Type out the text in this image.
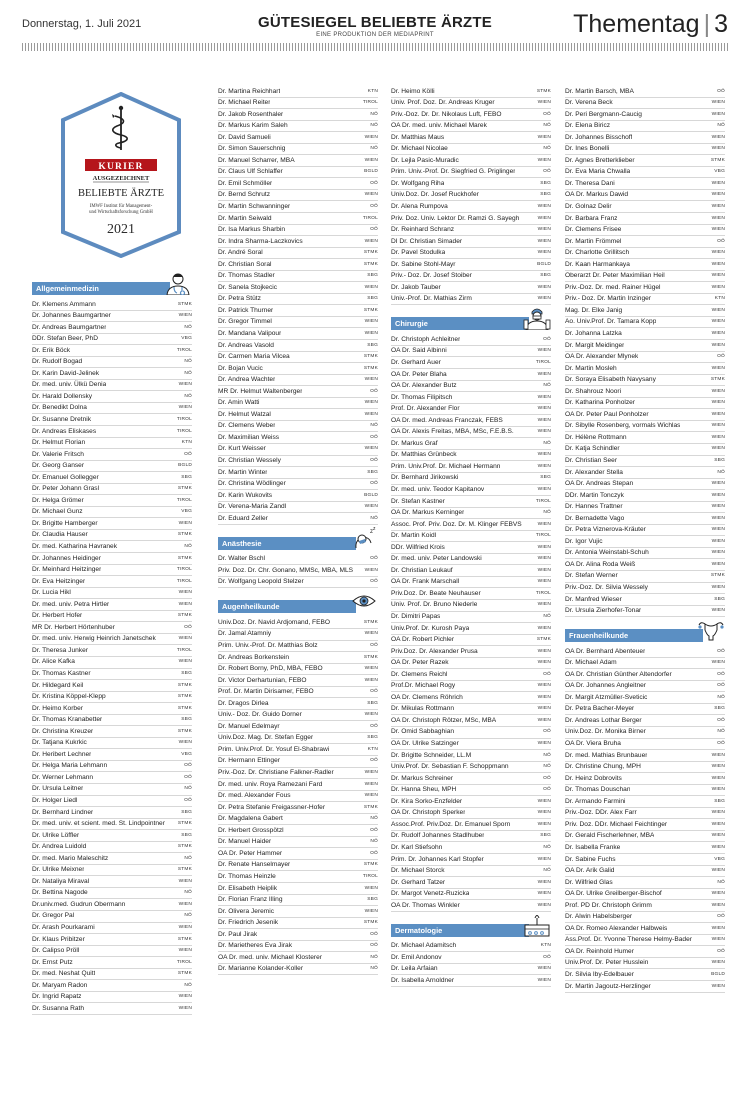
Donnerstag, 1. Juli 2021	GÜTESIEGEL BELIEBTE ÄRZTE
EINE PRODUKTION DER MEDIAPRINT	Thementag | 3
KURIER
AUSGEZEICHNET
BELIEBTE ÄRZTE
IMWF Institut für Management-
und Wirtschaftsforschung GmbH
2021
Allgemeinmedizin
Dr. Klemens Ammann	STMK
Dr. Johannes Baumgartner	WIEN
Dr. Andreas Baumgartner	NÖ
DDr. Stefan Beer, PhD	VBG
Dr. Erik Böck	TIROL
Dr. Rudolf Bogad	NÖ
Dr. Karin David-Jelinek	NÖ
Dr. med. univ. Ülkü Denia	WIEN
Dr. Harald Dollensky	NÖ
Dr. Benedikt Dolna	WIEN
Dr. Susanne Dretnik	TIROL
Dr. Andreas Eliskases	TIROL
Dr. Helmut Florian	KTN
Dr. Valerie Fritsch	OÖ
Dr. Georg Ganser	BGLD
Dr. Emanuel Gollegger	SBG
Dr. Peter Johann Grasl	STMK
Dr. Helga Grömer	TIROL
Dr. Michael Gunz	VBG
Dr. Brigitte Hamberger	WIEN
Dr. Claudia Hauser	STMK
Dr. med. Katharina Havranek	NÖ
Dr. Johannes Heidinger	STMK
Dr. Meinhard Heitzinger	TIROL
Dr. Eva Heitzinger	TIROL
Dr. Lucia Hikl	WIEN
Dr. med. univ. Petra Hirtler	WIEN
Dr. Herbert Hofer	STMK
MR Dr. Herbert Hörtenhuber	OÖ
Dr. med. univ. Herwig Heinrich Janetschek	WIEN
Dr. Theresa Junker	TIROL
Dr. Alice Kafka	WIEN
Dr. Thomas Kastner	SBG
Dr. Hildegard Keil	STMK
Dr. Kristina Köppel-Klepp	STMK
Dr. Heimo Korber	STMK
Dr. Thomas Kranabetter	SBG
Dr. Christina Kreuzer	STMK
Dr. Tatjana Kukrkic	WIEN
Dr. Heribert Lechner	VBG
Dr. Helga Maria Lehmann	OÖ
Dr. Werner Lehmann	OÖ
Dr. Ursula Leitner	NÖ
Dr. Holger Liedl	OÖ
Dr. Bernhard Lindner	SBG
Dr. med. univ. et scient. med. St. Lindpointner	STMK
Dr. Ulrike Löffler	SBG
Dr. Andrea Luidold	STMK
Dr. med. Mario Maleschitz	NÖ
Dr. Ulrike Meixner	STMK
Dr. Nataliya Miraval	WIEN
Dr. Bettina Nagode	NÖ
Dr.univ.med. Gudrun Obermann	WIEN
Dr. Gregor Pal	NÖ
Dr. Arash Pourkarami	WIEN
Dr. Klaus Pribitzer	STMK
Dr. Calipso Pröll	WIEN
Dr. Ernst Putz	TIROL
Dr. med. Neshat Quitt	STMK
Dr. Maryam Radon	NÖ
Dr. Ingrid Rapatz	WIEN
Dr. Susanna Rath	WIEN
Dr. Martina Reichhart	KTN
Dr. Michael Reiter	TIROL
Dr. Jakob Rosenthaler	NÖ
Dr. Markus Karim Saleh	NÖ
Dr. David Samueli	WIEN
Dr. Simon Sauerschnig	NÖ
Dr. Manuel Scharrer, MBA	WIEN
Dr. Claus Ulf Schlaffer	BGLD
Dr. Emil Schmöller	OÖ
Dr. Bernd Schrutz	WIEN
Dr. Martin Schwanninger	OÖ
Dr. Martin Seiwald	TIROL
Dr. Isa Markus Sharbin	OÖ
Dr. Indra Sharma-Laczkovics	WIEN
Dr. André Soral	STMK
Dr. Christian Soral	STMK
Dr. Thomas Stadler	SBG
Dr. Sanela Stojkecic	WIEN
Dr. Petra Stütz	SBG
Dr. Patrick Thurner	STMK
Dr. Gregor Timmel	WIEN
Dr. Mandana Valipour	WIEN
Dr. Andreas Vasold	SBG
Dr. Carmen Maria Vilcea	STMK
Dr. Bojan Vucic	STMK
Dr. Andrea Wachter	WIEN
MR Dr. Helmut Waltenberger	OÖ
Dr. Amin Watti	WIEN
Dr. Helmut Watzal	WIEN
Dr. Clemens Weber	NÖ
Dr. Maximilian Weiss	OÖ
Dr. Kurt Weisser	WIEN
Dr. Christian Wessely	OÖ
Dr. Martin Winter	SBG
Dr. Christina Wödlinger	OÖ
Dr. Karin Wukovits	BGLD
Dr. Verena-Maria Zandl	WIEN
Dr. Eduard Zeller	NÖ
Anästhesie
z z
Dr. Walter Bschl	OÖ
Priv. Doz. Dr. Chr. Gonano, MMSc, MBA, MLS	WIEN
Dr. Wolfgang Leopold Stelzer	OÖ
Augenheilkunde
Univ.Doz. Dr. Navid Ardjomand, FEBO	STMK
Dr. Jamal Atamniy	WIEN
Prim. Univ.-Prof. Dr. Matthias Bolz	OÖ
Dr. Andreas Borkenstein	STMK
Dr. Robert Borny, PhD, MBA, FEBO	WIEN
Dr. Victor Derhartunian, FEBO	WIEN
Prof. Dr. Martin Dirisamer, FEBO	OÖ
Dr. Dragos Dirlea	SBG
Univ.- Doz. Dr. Guido Dorner	WIEN
Dr. Manuel Edelmayr	OÖ
Univ.Doz. Mag. Dr. Stefan Egger	SBG
Prim. Univ.Prof. Dr. Yosuf El-Shabrawi	KTN
Dr. Hermann Ettinger	OÖ
Priv.-Doz. Dr. Christiane Falkner-Radler	WIEN
Dr. med. univ. Roya Ramezani Fard	WIEN
Dr. med. Alexander Fous	WIEN
Dr. Petra Stefanie Freigassner-Hofer	STMK
Dr. Magdalena Gabert	NÖ
Dr. Herbert Grosspötzl	OÖ
Dr. Manuel Haider	NÖ
OA Dr. Peter Hammer	OÖ
Dr. Renate Hanselmayer	STMK
Dr. Thomas Heinzle	TIROL
Dr. Elisabeth Heiplik	WIEN
Dr. Florian Franz Illing	SBG
Dr. Olivera Jeremic	WIEN
Dr. Friedrich Jesenik	STMK
Dr. Paul Jirak	OÖ
Dr. Marietheres Eva Jirak	OÖ
OA Dr. med. univ. Michael Klosterer	NÖ
Dr. Marianne Kolander-Koller	NÖ
Dr. Heimo Kölli	STMK
Univ. Prof. Doz. Dr. Andreas Kruger	WIEN
Priv.-Doz. Dr. Dr. Nikolaus Luft, FEBO	OÖ
OA Dr. med. univ. Michael Marek	NÖ
Dr. Matthias Maus	WIEN
Dr. Michael Nicolae	NÖ
Dr. Lejla Pasic-Muradic	WIEN
Prim. Univ.-Prof. Dr. Siegfried G. Priglinger	OÖ
Dr. Wolfgang Riha	SBG
Univ.Doz. Dr. Josef Ruckhofer	SBG
Dr. Alena Rumpova	WIEN
Priv. Doz. Univ. Lektor Dr. Ramzi G. Sayegh	WIEN
Dr. Reinhard Schranz	WIEN
DI Dr. Christian Simader	WIEN
Dr. Pavel Stodulka	WIEN
Dr. Sabine Stohl-Mayr	BGLD
Priv.- Doz. Dr. Josef Stoiber	SBG
Dr. Jakob Tauber	WIEN
Univ.-Prof. Dr. Mathias Zirm	WIEN
Chirurgie
Dr. Christoph Achleitner	OÖ
OA Dr. Said Albinni	WIEN
Dr. Gerhard Auer	TIROL
OA Dr. Peter Blaha	WIEN
OA Dr. Alexander Butz	NÖ
Dr. Thomas Filipitsch	WIEN
Prof. Dr. Alexander Flor	WIEN
OA Dr. med. Andreas Franczak, FEBS	WIEN
OA Dr. Alexis Freitas, MBA, MSc, F.E.B.S.	WIEN
Dr. Markus Graf	NÖ
Dr. Matthias Grünbeck	WIEN
Prim. Univ.Prof. Dr. Michael Hermann	WIEN
Dr. Bernhard Jirikowski	SBG
Dr. med. univ. Teodor Kapitanov	WIEN
Dr. Stefan Kastner	TIROL
OA Dr. Markus Kerninger	NÖ
Assoc. Prof. Priv. Doz. Dr. M. Klinger FEBVS	WIEN
Dr. Martin Koidl	TIROL
DDr. Wilfried Krois	WIEN
Dr. med. univ. Peter Landowski	WIEN
Dr. Christian Leukauf	WIEN
OA Dr. Frank Marschall	WIEN
Priv.Doz. Dr. Beate Neuhauser	TIROL
Univ. Prof. Dr. Bruno Niederle	WIEN
Dr. Dimitri Papas	NÖ
Univ.Prof. Dr. Kurosh Paya	WIEN
OA Dr. Robert Pichler	STMK
Priv.Doz. Dr. Alexander Prusa	WIEN
OA Dr. Peter Razek	WIEN
Dr. Clemens Reichl	OÖ
Prof.Dr. Michael Rogy	WIEN
OA Dr. Clemens Röhrich	WIEN
Dr. Mikulas Rottmann	WIEN
OA Dr. Christoph Rötzer, MSc, MBA	WIEN
Dr. Omid Sabbaghian	OÖ
OA Dr. Ulrike Satzinger	WIEN
Dr. Brigitte Schneider, LL.M	NÖ
Univ.Prof. Dr. Sebastian F. Schoppmann	NÖ
Dr. Markus Schreiner	OÖ
Dr. Hanna Sheu, MPH	OÖ
Dr. Kira Sorko-Enzfelder	WIEN
OA Dr. Christoph Sperker	WIEN
Assoc.Prof. Priv.Doz. Dr. Emanuel Sporn	WIEN
Dr. Rudolf Johannes Stadlhuber	SBG
Dr. Karl Stiefsohn	NÖ
Prim. Dr. Johannes Karl Stopfer	WIEN
Dr. Michael Storck	NÖ
Dr. Gerhard Tatzer	WIEN
Dr. Margot Venetz-Ruzicka	WIEN
OA Dr. Thomas Winkler	WIEN
Dermatologie
Dr. Michael Adamitsch	KTN
Dr. Emil Andonov	OÖ
Dr. Leila Arfaian	WIEN
Dr. Isabella Arnoldner	WIEN
Dr. Martin Barsch, MBA	OÖ
Dr. Verena Beck	WIEN
Dr. Peri Bergmann-Caucig	WIEN
Dr. Elena Biricz	NÖ
Dr. Johannes Bisschoff	WIEN
Dr. Ines Bonelli	WIEN
Dr. Agnes Bretterklieber	STMK
Dr. Eva Maria Chwalla	VBG
Dr. Theresa Dani	WIEN
OA Dr. Markus Dawid	WIEN
Dr. Golnaz Delir	WIEN
Dr. Barbara Franz	WIEN
Dr. Clemens Frisee	WIEN
Dr. Martin Frömmel	OÖ
Dr. Charlotte Grillitsch	WIEN
Dr. Kaan Harmankaya	WIEN
Oberarzt Dr. Peter Maximilian Heil	WIEN
Priv.-Doz. Dr. med. Rainer Hügel	WIEN
Priv.- Doz. Dr. Martin Inzinger	KTN
Mag. Dr. Elke Janig	WIEN
Ao. Univ.Prof. Dr. Tamara Kopp	WIEN
Dr. Johanna Latzka	WIEN
Dr. Margit Meidinger	WIEN
OA Dr. Alexander Mlynek	OÖ
Dr. Martin Mosleh	WIEN
Dr. Soraya Elisabeth Navysany	STMK
Dr. Shahrouz Noori	WIEN
Dr. Katharina Ponholzer	WIEN
OA Dr. Peter Paul Ponholzer	WIEN
Dr. Sibylle Rosenberg, vormals Wichlas	WIEN
Dr. Hélène Rottmann	WIEN
Dr. Katja Schindler	WIEN
Dr. Christian Seer	SBG
Dr. Alexander Stella	NÖ
OA Dr. Andreas Stepan	WIEN
DDr. Martin Tonczyk	WIEN
Dr. Hannes Trattner	WIEN
Dr. Bernadette Vago	WIEN
Dr. Petra Viznerova-Kräuter	WIEN
Dr. Igor Vujic	WIEN
Dr. Antonia Weinstabl-Schuh	WIEN
OA Dr. Alina Roda Weiß	WIEN
Dr. Stefan Werner	STMK
Priv.-Doz. Dr. Silvia Wessely	WIEN
Dr. Manfred Wieser	SBG
Dr. Ursula Zierhofer-Tonar	WIEN
Frauenheilkunde
OA Dr. Bernhard Abenteuer	OÖ
Dr. Michael Adam	WIEN
OA Dr. Christian Günther Altendorfer	OÖ
OA Dr. Johannes Angleitner	OÖ
Dr. Margit Atzmüller-Sveticic	NÖ
Dr. Petra Bacher-Meyer	SBG
Dr. Andreas Lothar Berger	OÖ
Univ.Doz. Dr. Monika Birner	NÖ
OA Dr. Viera Bruha	OÖ
Dr. med. Mathias Brunbauer	WIEN
Dr. Christine Chung, MPH	WIEN
Dr. Heinz Dobrovits	WIEN
Dr. Thomas Douschan	WIEN
Dr. Armando Farmini	SBG
Priv.-Doz. DDr. Alex Farr	WIEN
Priv. Doz. DDr. Michael Feichtinger	WIEN
Dr. Gerald Fischerlehner, MBA	WIEN
Dr. Isabella Franke	WIEN
Dr. Sabine Fuchs	VBG
OA Dr. Arik Galid	WIEN
Dr. Wilfried Glas	NÖ
OA Dr. Ulrike Greilberger-Bischof	WIEN
Prof. PD Dr. Christoph Grimm	WIEN
Dr. Alwin Habelsberger	OÖ
OA Dr. Romeo Alexander Halbweis	WIEN
Ass.Prof. Dr. Yvonne Therese Helmy-Bader	WIEN
OA Dr. Reinhold Humer	OÖ
Univ.Prof. Dr. Peter Husslein	WIEN
Dr. Silvia Iby-Edelbauer	BGLD
Dr. Martin Jagoutz-Herzlinger	WIEN
